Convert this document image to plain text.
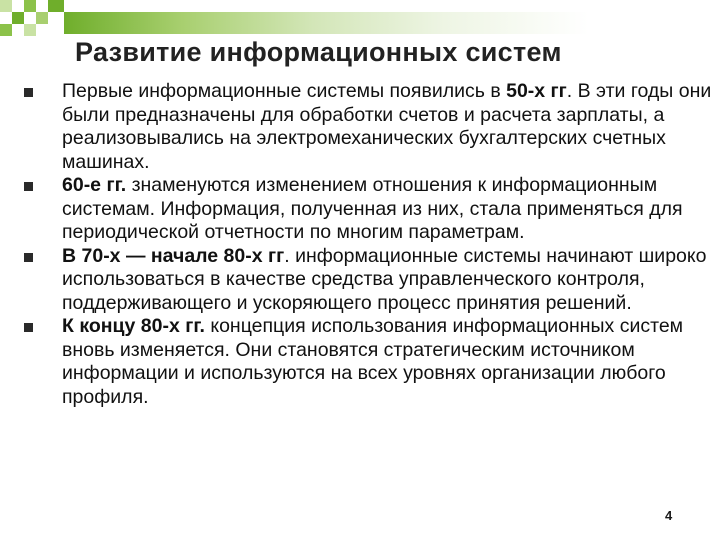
Развитие информационных систем
Первые информационные системы появились в 50-х гг. В эти годы они были предназначены для обработки счетов и расчета зарплаты, а реализовывались на электромеханических бухгалтерских счетных машинах.
60-е гг. знаменуются изменением отношения к информационным системам. Информация, полученная из них, стала применяться для периодической отчетности по многим параметрам.
В 70-х — начале 80-х гг. информационные системы начинают широко использоваться в качестве средства управленческого контроля, поддерживающего и ускоряющего процесс принятия решений.
К концу 80-х гг. концепция использования информационных систем вновь изменяется. Они становятся стратегическим источником информации и используются на всех уровнях организации любого профиля.
4
